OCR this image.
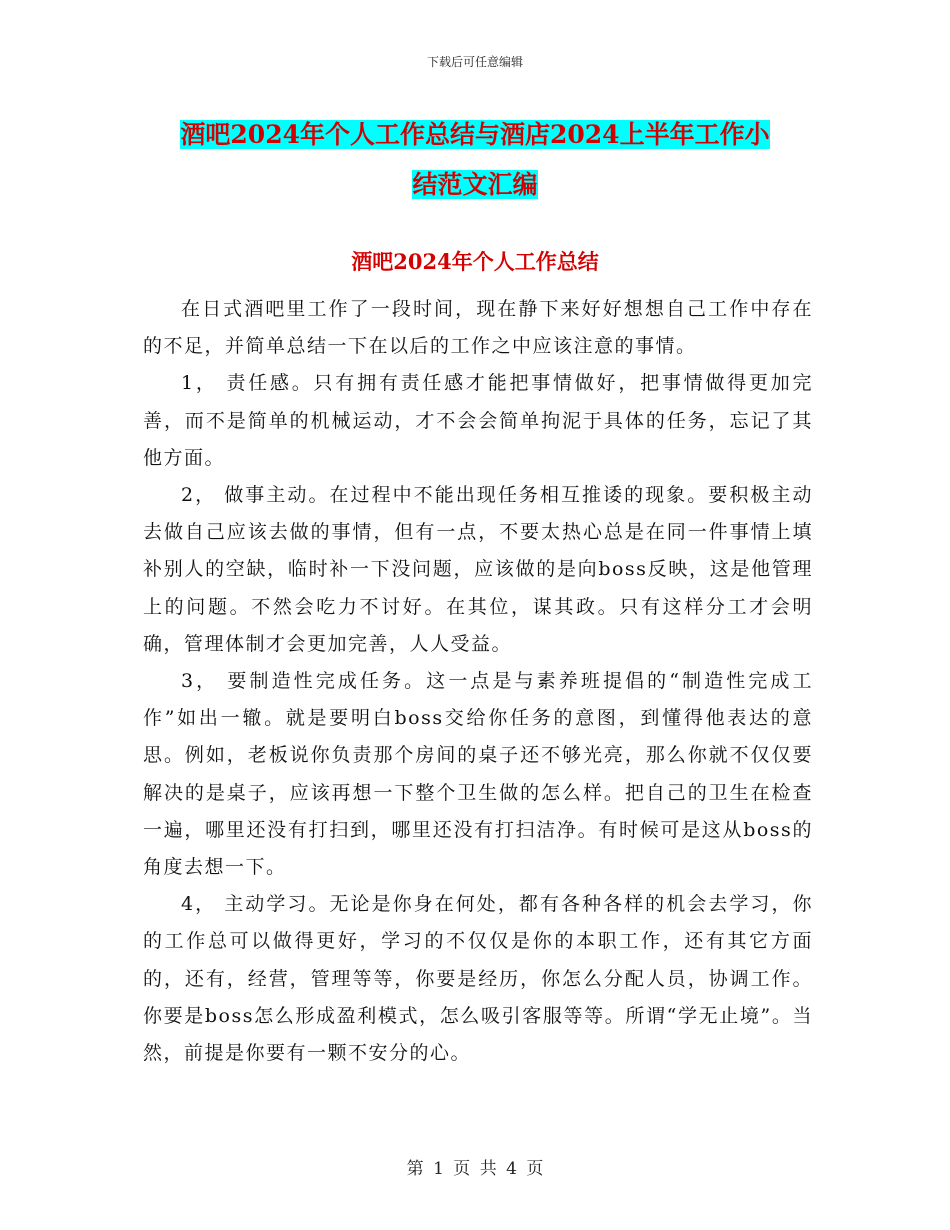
下载后可任意编辑
酒吧2024年个人工作总结与酒店2024上半年工作小
结范文汇编
酒吧2024年个人工作总结

在日式酒吧里工作了一段时间，现在静下来好好想想自己工作中存在的不足，并简单总结一下在以后的工作之中应该注意的事情。

1， 责任感。只有拥有责任感才能把事情做好，把事情做得更加完善，而不是简单的机械运动，才不会会简单拘泥于具体的任务，忘记了其他方面。

2， 做事主动。在过程中不能出现任务相互推诿的现象。要积极主动去做自己应该去做的事情，但有一点，不要太热心总是在同一件事情上填补别人的空缺，临时补一下没问题，应该做的是向boss反映，这是他管理上的问题。不然会吃力不讨好。在其位，谋其政。只有这样分工才会明确，管理体制才会更加完善，人人受益。

3， 要制造性完成任务。这一点是与素养班提倡的“制造性完成工作”如出一辙。就是要明白boss交给你任务的意图，到懂得他表达的意思。例如，老板说你负责那个房间的桌子还不够光亮，那么你就不仅仅要解决的是桌子，应该再想一下整个卫生做的怎么样。把自己的卫生在检查一遍，哪里还没有打扫到，哪里还没有打扫洁净。有时候可是这从boss的角度去想一下。

4， 主动学习。无论是你身在何处，都有各种各样的机会去学习，你的工作总可以做得更好，学习的不仅仅是你的本职工作，还有其它方面的，还有，经营，管理等等，你要是经历，你怎么分配人员，协调工作。你要是boss怎么形成盈利模式，怎么吸引客服等等。所谓“学无止境”。当然，前提是你要有一颗不安分的心。

第 1 页 共 4 页
